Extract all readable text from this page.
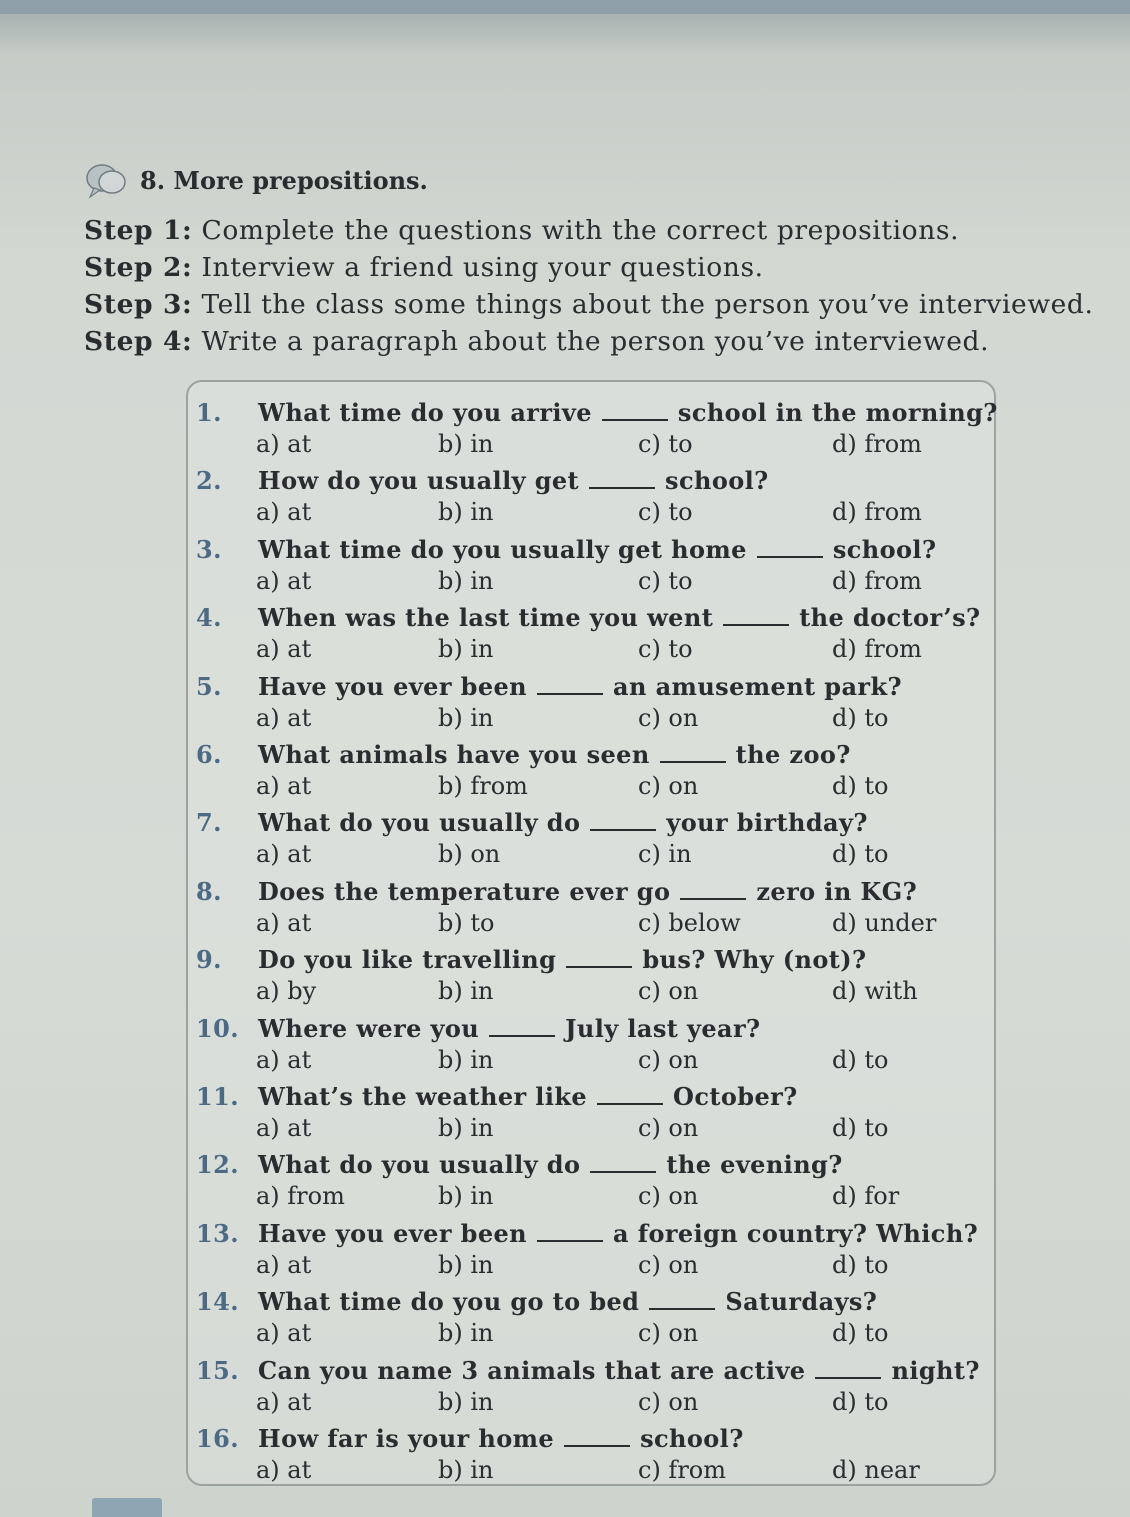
8. More prepositions.
Step 1: Complete the questions with the correct prepositions.
Step 2: Interview a friend using your questions.
Step 3: Tell the class some things about the person you’ve interviewed.
Step 4: Write a paragraph about the person you’ve interviewed.
1. What time do you arrive	school in the morning?
a) at	b) in	c) to	d) from
2. How do you usually get	school?
a) at	b) in	c) to	d) from
3. What time do you usually get home	school?
a) at	b) in	c) to	d) from
4. When was the last time you went	the doctor’s?
a) at	b) in	c) to	d) from
5. Have you ever been	an amusement park?
a) at	b) in	c) on	d) to
6. What animals have you seen	the zoo?
a) at	b) from	c) on	d) to
7. What do you usually do	your birthday?
a) at	b) on	c) in	d) to
8. Does the temperature ever go	zero in KG?
a) at	b) to	c) below	d) under
9. Do you like travelling	bus? Why (not)?
a) by	b) in	c) on	d) with
10. Where were you	July last year?
a) at	b) in	c) on	d) to
11. What’s the weather like	October?
a) at	b) in	c) on	d) to
12. What do you usually do	the evening?
a) from	b) in	c) on	d) for
13. Have you ever been	a foreign country? Which?
a) at	b) in	c) on	d) to
14. What time do you go to bed	Saturdays?
a) at	b) in	c) on	d) to
15. Can you name 3 animals that are active	night?
a) at	b) in	c) on	d) to
16. How far is your home	school?
a) at	b) in	c) from	d) near
